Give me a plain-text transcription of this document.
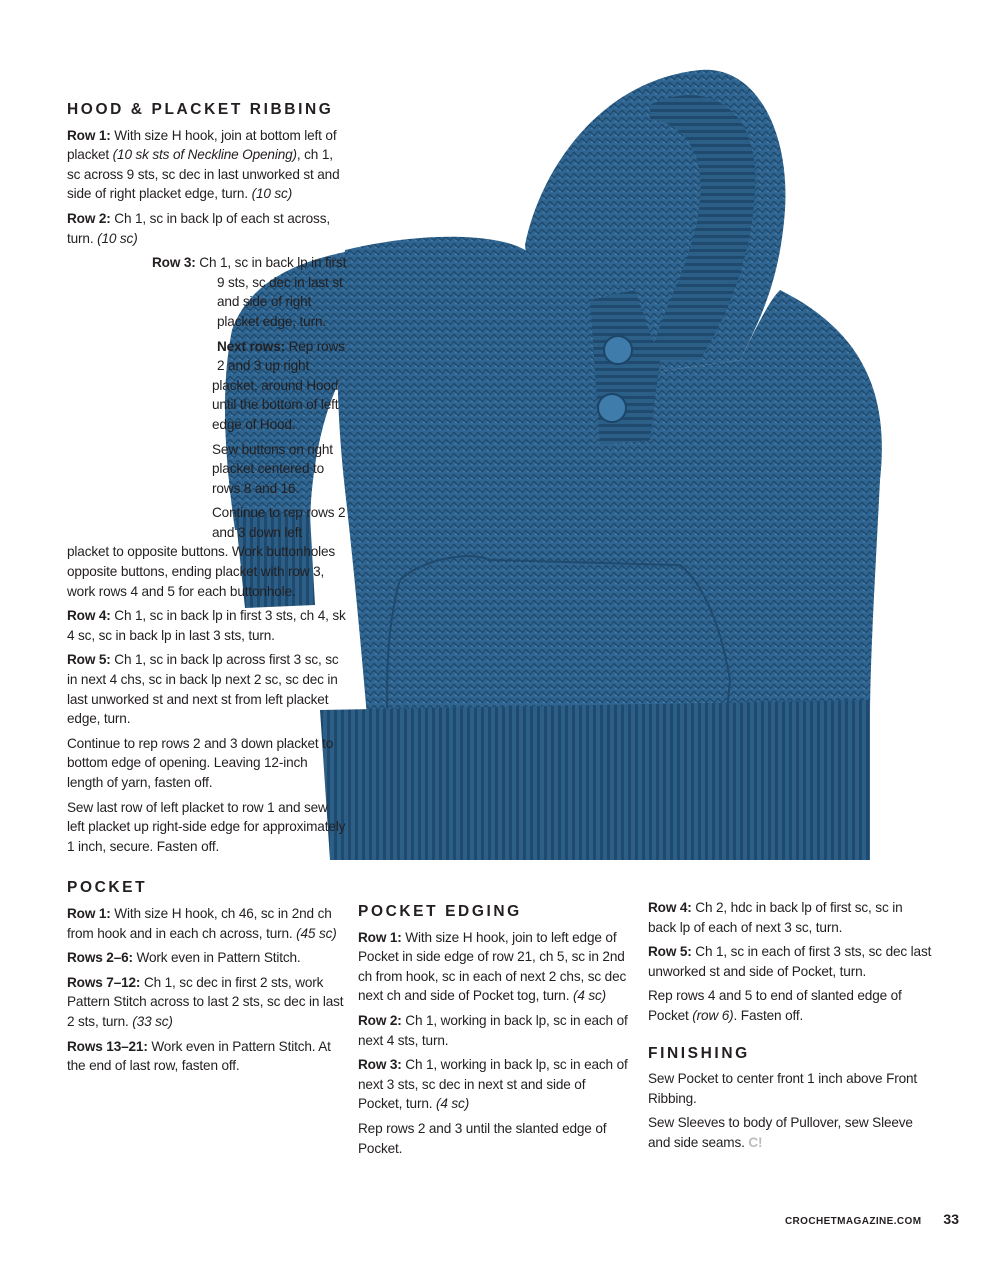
HOOD & PLACKET RIBBING

Row 1: With size H hook, join at bottom left of placket (10 sk sts of Neckline Opening), ch 1, sc across 9 sts, sc dec in last unworked st and side of right placket edge, turn. (10 sc)

Row 2: Ch 1, sc in back lp of each st across, turn. (10 sc)

Row 3: Ch 1, sc in back lp in first 9 sts, sc dec in last st and side of right placket edge, turn.

Next rows: Rep rows 2 and 3 up right placket, around Hood until the bottom of left edge of Hood.

Sew buttons on right placket centered to rows 8 and 16.

Continue to rep rows 2 and 3 down left placket to opposite buttons. Work buttonholes opposite buttons, ending placket with row 3, work rows 4 and 5 for each buttonhole.

Row 4: Ch 1, sc in back lp in first 3 sts, ch 4, sk 4 sc, sc in back lp in last 3 sts, turn.

Row 5: Ch 1, sc in back lp across first 3 sc, sc in next 4 chs, sc in back lp next 2 sc, sc dec in last unworked st and next st from left placket edge, turn.

Continue to rep rows 2 and 3 down placket to bottom edge of opening. Leaving 12-inch length of yarn, fasten off.

Sew last row of left placket to row 1 and sew left placket up right-side edge for approximately 1 inch, secure. Fasten off.

POCKET

Row 1: With size H hook, ch 46, sc in 2nd ch from hook and in each ch across, turn. (45 sc)

Rows 2–6: Work even in Pattern Stitch.

Rows 7–12: Ch 1, sc dec in first 2 sts, work Pattern Stitch across to last 2 sts, sc dec in last 2 sts, turn. (33 sc)

Rows 13–21: Work even in Pattern Stitch. At the end of last row, fasten off.

POCKET EDGING

Row 1: With size H hook, join to left edge of Pocket in side edge of row 21, ch 5, sc in 2nd ch from hook, sc in each of next 2 chs, sc dec next ch and side of Pocket tog, turn. (4 sc)

Row 2: Ch 1, working in back lp, sc in each of next 4 sts, turn.

Row 3: Ch 1, working in back lp, sc in each of next 3 sts, sc dec in next st and side of Pocket, turn. (4 sc)

Rep rows 2 and 3 until the slanted edge of Pocket.

Row 4: Ch 2, hdc in back lp of first sc, sc in back lp of each of next 3 sc, turn.

Row 5: Ch 1, sc in each of first 3 sts, sc dec last unworked st and side of Pocket, turn.

Rep rows 4 and 5 to end of slanted edge of Pocket (row 6). Fasten off.

FINISHING

Sew Pocket to center front 1 inch above Front Ribbing.

Sew Sleeves to body of Pullover, sew Sleeve and side seams. C!

CROCHETMAGAZINE.COM 33
